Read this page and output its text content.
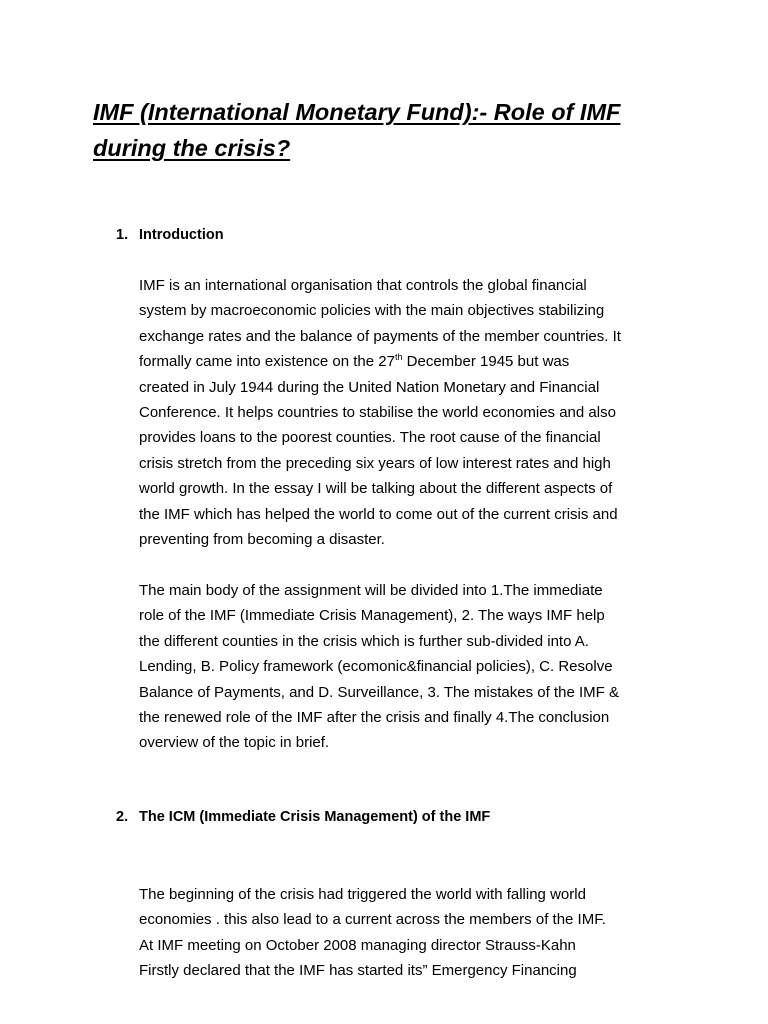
IMF (International Monetary Fund):- Role of IMF
during the crisis?
1. Introduction
IMF is an international organisation that controls the global financial
system by macroeconomic policies with the main objectives stabilizing
exchange rates and the balance of payments of the member countries. It
formally came into existence on the 27th December 1945 but was
created in July 1944 during the United Nation Monetary and Financial
Conference. It helps countries to stabilise the world economies and also
provides loans to the poorest counties. The root cause of the financial
crisis stretch from the preceding six years of low interest rates and high
world growth. In the essay I will be talking about the different aspects of
the IMF which has helped the world to come out of the current crisis and
preventing from becoming a disaster.
The main body of the assignment will be divided into 1.The immediate
role of the IMF (Immediate Crisis Management), 2. The ways IMF help
the different counties in the crisis which is further sub-divided into A.
Lending, B. Policy framework (ecomonic&financial policies), C. Resolve
Balance of Payments, and D. Surveillance, 3. The mistakes of the IMF &
the renewed role of the IMF after the crisis and finally 4.The conclusion
overview of the topic in brief.
2. The ICM (Immediate Crisis Management) of the IMF
The beginning of the crisis had triggered the world with falling world
economies . this also lead to a current across the members of the IMF.
At IMF meeting on October 2008 managing director Strauss-Kahn
Firstly declared that the IMF has started its” Emergency Financing
